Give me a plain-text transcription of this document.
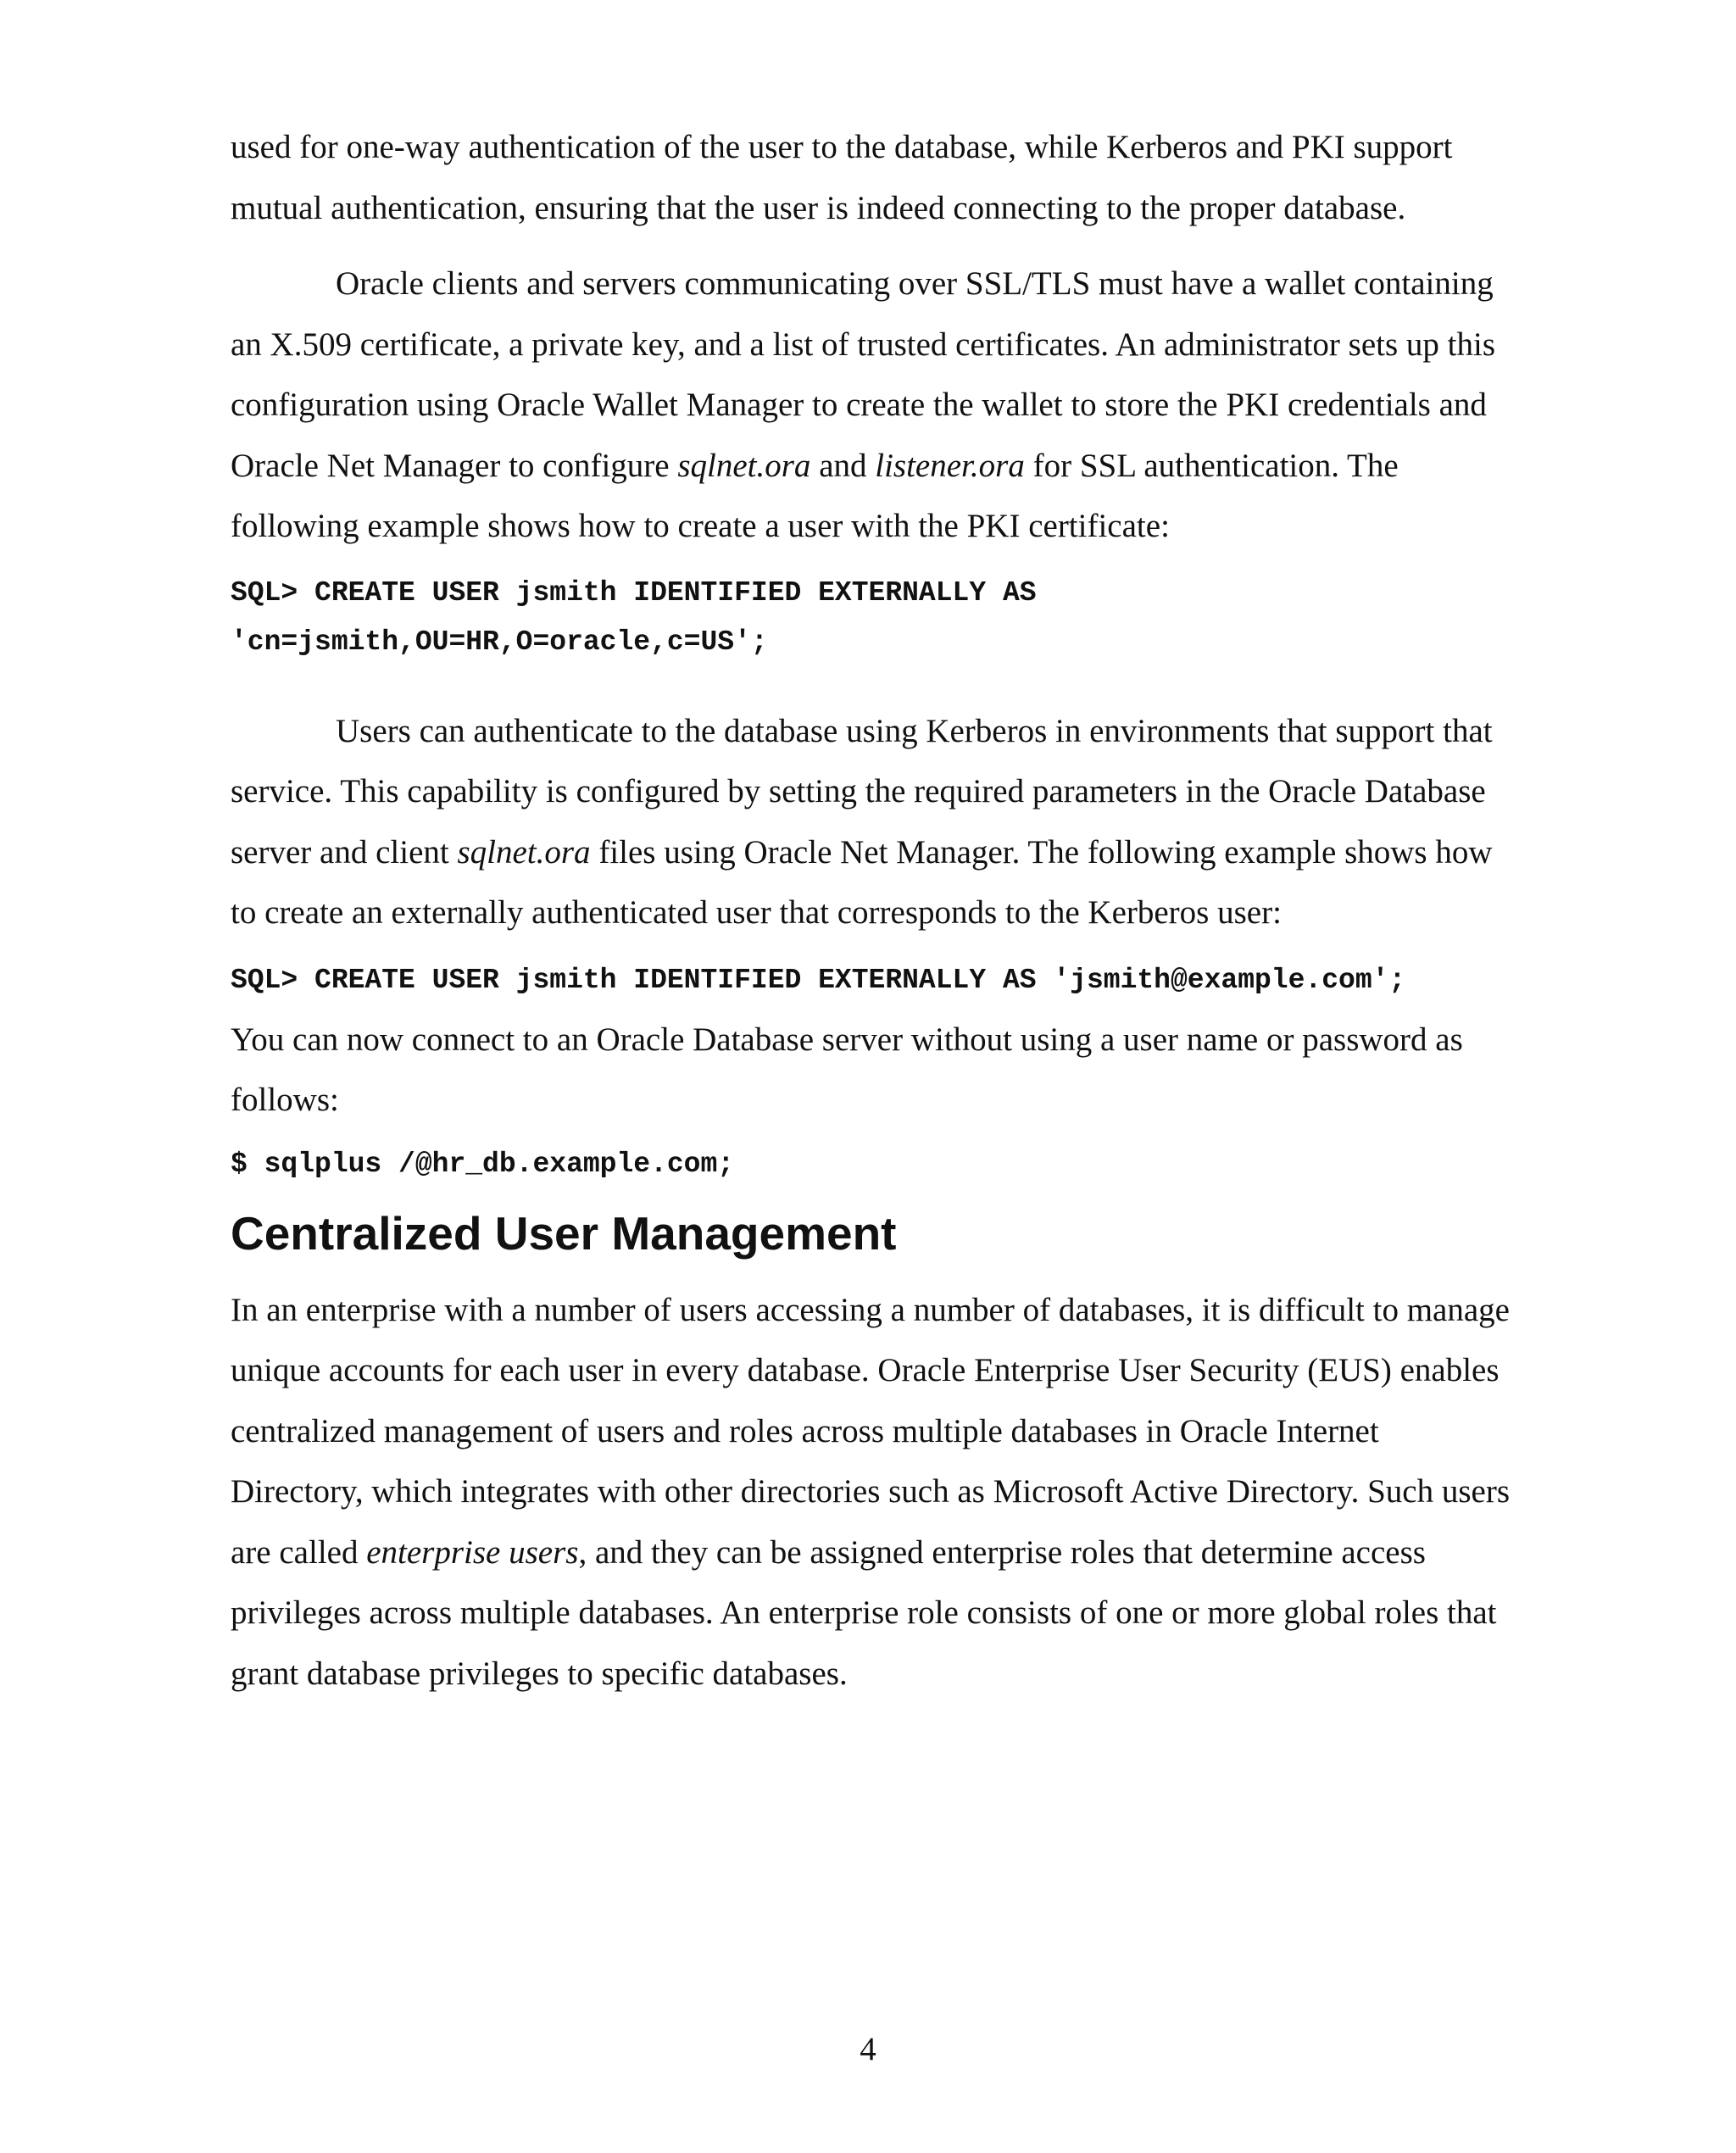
used for one-way authentication of the user to the database, while Kerberos and PKI support mutual authentication, ensuring that the user is indeed connecting to the proper database.

Oracle clients and servers communicating over SSL/TLS must have a wallet containing an X.509 certificate, a private key, and a list of trusted certificates. An administrator sets up this configuration using Oracle Wallet Manager to create the wallet to store the PKI credentials and Oracle Net Manager to configure sqlnet.ora and listener.ora for SSL authentication. The following example shows how to create a user with the PKI certificate:

SQL> CREATE USER jsmith IDENTIFIED EXTERNALLY AS
'cn=jsmith,OU=HR,O=oracle,c=US';

Users can authenticate to the database using Kerberos in environments that support that service. This capability is configured by setting the required parameters in the Oracle Database server and client sqlnet.ora files using Oracle Net Manager. The following example shows how to create an externally authenticated user that corresponds to the Kerberos user:

SQL> CREATE USER jsmith IDENTIFIED EXTERNALLY AS 'jsmith@example.com';

You can now connect to an Oracle Database server without using a user name or password as follows:

$ sqlplus /@hr_db.example.com;
Centralized User Management

In an enterprise with a number of users accessing a number of databases, it is difficult to manage unique accounts for each user in every database. Oracle Enterprise User Security (EUS) enables centralized management of users and roles across multiple databases in Oracle Internet Directory, which integrates with other directories such as Microsoft Active Directory. Such users are called enterprise users, and they can be assigned enterprise roles that determine access privileges across multiple databases. An enterprise role consists of one or more global roles that grant database privileges to specific databases.

4
